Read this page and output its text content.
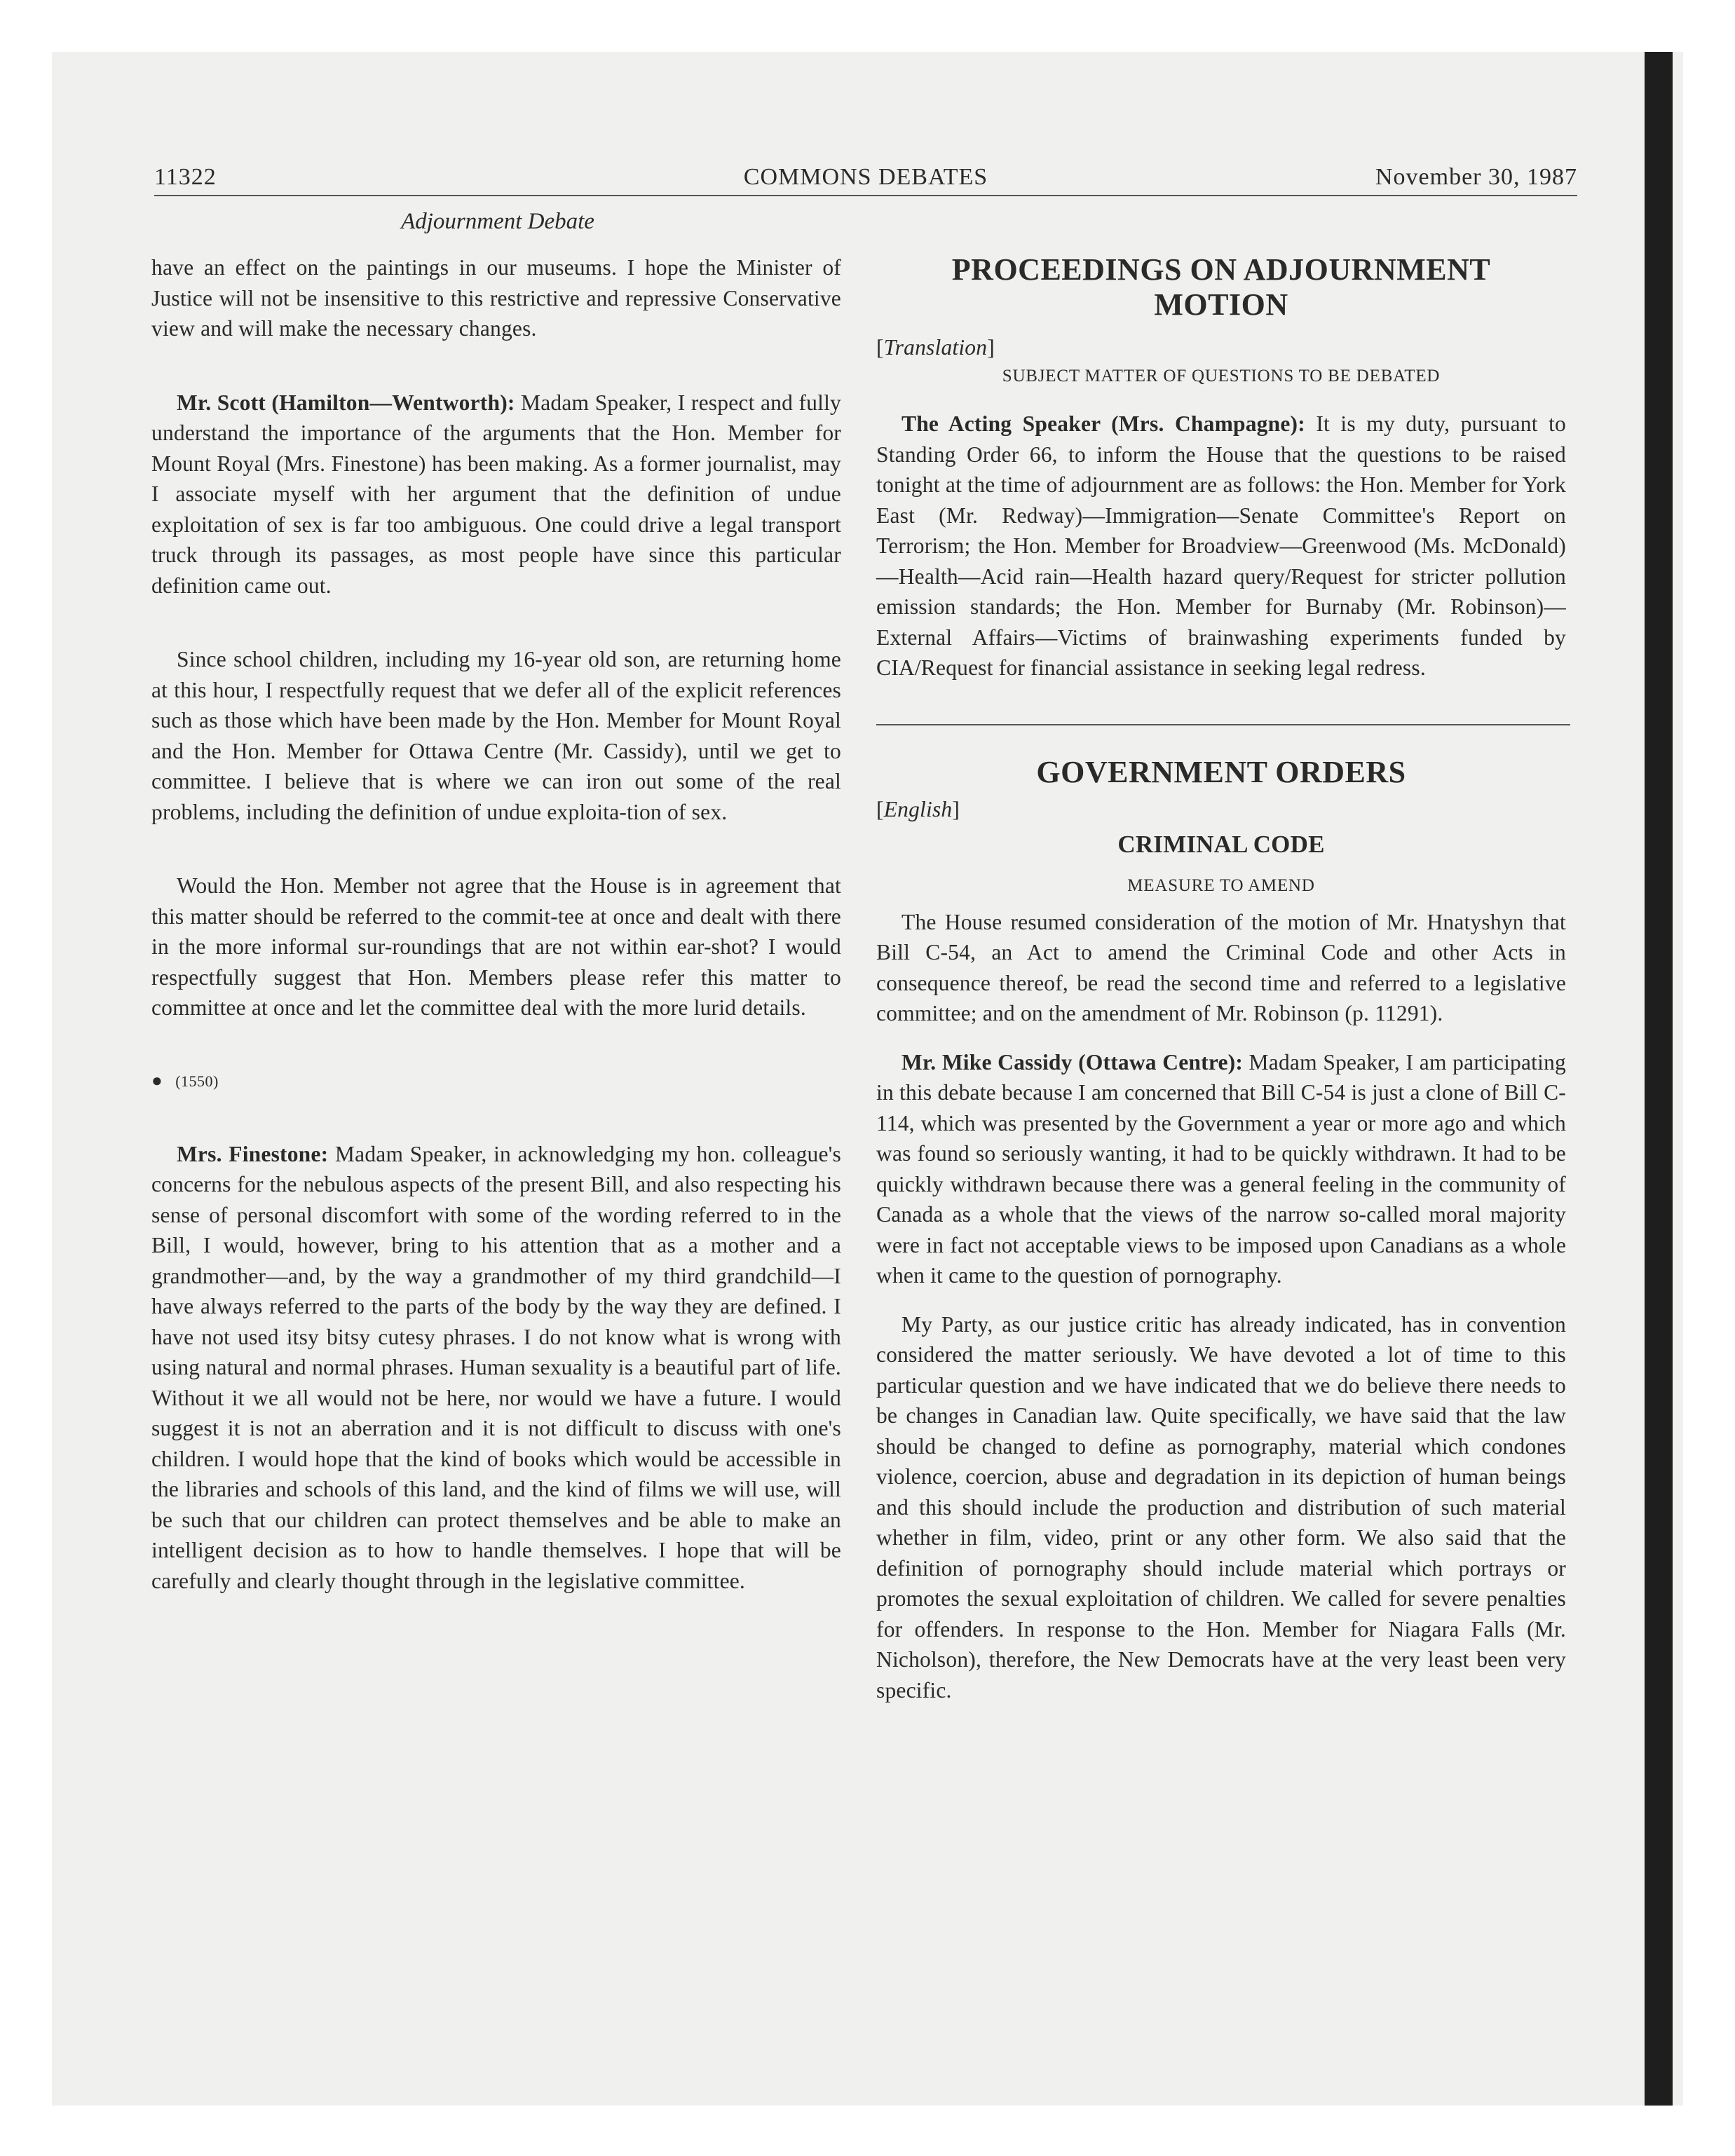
11322	COMMONS DEBATES	November 30, 1987
Adjournment Debate

have an effect on the paintings in our museums. I hope the Minister of Justice will not be insensitive to this restrictive and repressive Conservative view and will make the necessary changes.

Mr. Scott (Hamilton—Wentworth): Madam Speaker, I respect and fully understand the importance of the arguments that the Hon. Member for Mount Royal (Mrs. Finestone) has been making. As a former journalist, may I associate myself with her argument that the definition of undue exploitation of sex is far too ambiguous. One could drive a legal transport truck through its passages, as most people have since this particular definition came out.

Since school children, including my 16-year old son, are returning home at this hour, I respectfully request that we defer all of the explicit references such as those which have been made by the Hon. Member for Mount Royal and the Hon. Member for Ottawa Centre (Mr. Cassidy), until we get to committee. I believe that is where we can iron out some of the real problems, including the definition of undue exploita-tion of sex.

Would the Hon. Member not agree that the House is in agreement that this matter should be referred to the commit-tee at once and dealt with there in the more informal sur-roundings that are not within ear-shot? I would respectfully suggest that Hon. Members please refer this matter to committee at once and let the committee deal with the more lurid details.

● (1550)

Mrs. Finestone: Madam Speaker, in acknowledging my hon. colleague's concerns for the nebulous aspects of the present Bill, and also respecting his sense of personal discomfort with some of the wording referred to in the Bill, I would, however, bring to his attention that as a mother and a grandmother—and, by the way a grandmother of my third grandchild—I have always referred to the parts of the body by the way they are defined. I have not used itsy bitsy cutesy phrases. I do not know what is wrong with using natural and normal phrases. Human sexuality is a beautiful part of life. Without it we all would not be here, nor would we have a future. I would suggest it is not an aberration and it is not difficult to discuss with one's children. I would hope that the kind of books which would be accessible in the libraries and schools of this land, and the kind of films we will use, will be such that our children can protect themselves and be able to make an intelligent decision as to how to handle themselves. I hope that will be carefully and clearly thought through in the legislative committee.

PROCEEDINGS ON ADJOURNMENT MOTION

[Translation]

SUBJECT MATTER OF QUESTIONS TO BE DEBATED

The Acting Speaker (Mrs. Champagne): It is my duty, pursuant to Standing Order 66, to inform the House that the questions to be raised tonight at the time of adjournment are as follows: the Hon. Member for York East (Mr. Redway)—Immigration—Senate Committee's Report on Terrorism; the Hon. Member for Broadview—Greenwood (Ms. McDonald)—Health—Acid rain—Health hazard query/Request for stricter pollution emission standards; the Hon. Member for Burnaby (Mr. Robinson)—External Affairs—Victims of brainwashing experiments funded by CIA/Request for financial assistance in seeking legal redress.

GOVERNMENT ORDERS

[English]

CRIMINAL CODE

MEASURE TO AMEND

The House resumed consideration of the motion of Mr. Hnatyshyn that Bill C-54, an Act to amend the Criminal Code and other Acts in consequence thereof, be read the second time and referred to a legislative committee; and on the amendment of Mr. Robinson (p. 11291).

Mr. Mike Cassidy (Ottawa Centre): Madam Speaker, I am participating in this debate because I am concerned that Bill C-54 is just a clone of Bill C-114, which was presented by the Government a year or more ago and which was found so seriously wanting, it had to be quickly withdrawn. It had to be quickly withdrawn because there was a general feeling in the community of Canada as a whole that the views of the narrow so-called moral majority were in fact not acceptable views to be imposed upon Canadians as a whole when it came to the question of pornography.

My Party, as our justice critic has already indicated, has in convention considered the matter seriously. We have devoted a lot of time to this particular question and we have indicated that we do believe there needs to be changes in Canadian law. Quite specifically, we have said that the law should be changed to define as pornography, material which condones violence, coercion, abuse and degradation in its depiction of human beings and this should include the production and distribution of such material whether in film, video, print or any other form. We also said that the definition of pornography should include material which portrays or promotes the sexual exploitation of children. We called for severe penalties for offenders. In response to the Hon. Member for Niagara Falls (Mr. Nicholson), therefore, the New Democrats have at the very least been very specific.
